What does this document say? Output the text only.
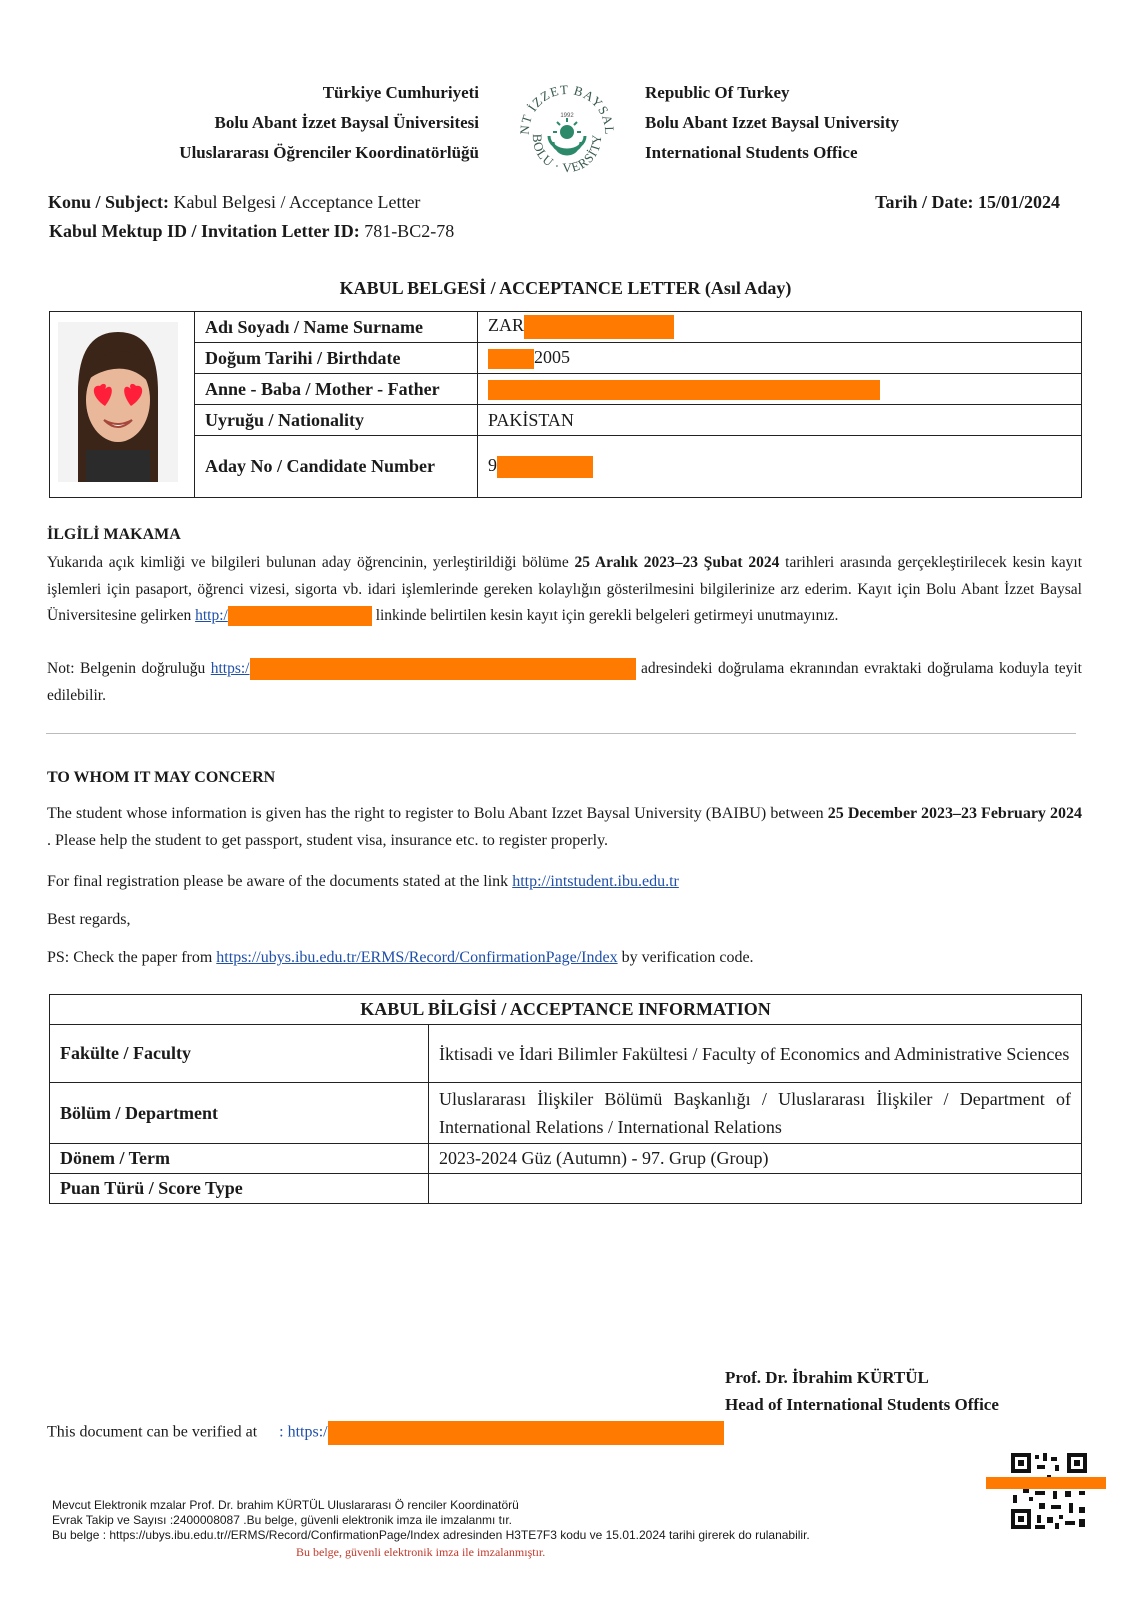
Türkiye Cumhuriyeti
Bolu Abant İzzet Baysal Üniversitesi
Uluslararası Öğrenciler Koordinatörlüğü
NT İZZET BAYSAL
BOLU · VERSİTY
1992
Republic Of Turkey
Bolu Abant Izzet Baysal University
International Students Office
Konu / Subject: Kabul Belgesi / Acceptance Letter
Kabul Mektup ID / Invitation Letter ID: 781-BC2-78
Tarih / Date: 15/01/2024
KABUL BELGESİ / ACCEPTANCE LETTER (Asıl Aday)
	Adı Soyadı / Name Surname	ZAR
	Doğum Tarihi / Birthdate	2005
	Anne - Baba / Mother - Father	
	Uyruğu / Nationality	PAKİSTAN
	Aday No / Candidate Number	9
İLGİLİ MAKAMA
Yukarıda açık kimliği ve bilgileri bulunan aday öğrencinin, yerleştirildiği bölüme 25 Aralık 2023–23 Şubat 2024 tarihleri arasında gerçekleştirilecek kesin kayıt işlemleri için pasaport, öğrenci vizesi, sigorta vb. idari işlemlerinde gereken kolaylığın gösterilmesini bilgilerinize arz ederim. Kayıt için Bolu Abant İzzet Baysal Üniversitesine gelirken http:/	linkinde belirtilen kesin kayıt için gerekli belgeleri getirmeyi unutmayınız.
Not: Belgenin doğruluğu https:/	adresindeki doğrulama ekranından evraktaki doğrulama koduyla teyit edilebilir.
TO WHOM IT MAY CONCERN
The student whose information is given has the right to register to Bolu Abant Izzet Baysal University (BAIBU) between 25 December 2023–23 February 2024 . Please help the student to get passport, student visa, insurance etc. to register properly.
For final registration please be aware of the documents stated at the link http://intstudent.ibu.edu.tr
Best regards,
PS: Check the paper from https://ubys.ibu.edu.tr/ERMS/Record/ConfirmationPage/Index by verification code.
KABUL BİLGİSİ / ACCEPTANCE INFORMATION	
Fakülte / Faculty	İktisadi ve İdari Bilimler Fakültesi / Faculty of Economics and Administrative Sciences
Bölüm / Department	Uluslararası İlişkiler Bölümü Başkanlığı / Uluslararası İlişkiler / Department of International Relations / International Relations
Dönem / Term	2023-2024 Güz (Autumn) - 97. Grup (Group)
Puan Türü / Score Type	
Prof. Dr. İbrahim KÜRTÜL
Head of International Students Office
This document can be verified at : https:/
Mevcut Elektronik mzalar Prof. Dr. brahim KÜRTÜL Uluslararası Ö renciler Koordinatörü
Evrak Takip ve Sayısı :2400008087 .Bu belge, güvenli elektronik imza ile imzalanmı tır.
Bu belge : https://ubys.ibu.edu.tr//ERMS/Record/ConfirmationPage/Index adresinden H3TE7F3 kodu ve 15.01.2024 tarihi girerek do rulanabilir.
Bu belge, güvenli elektronik imza ile imzalanmıştır.
